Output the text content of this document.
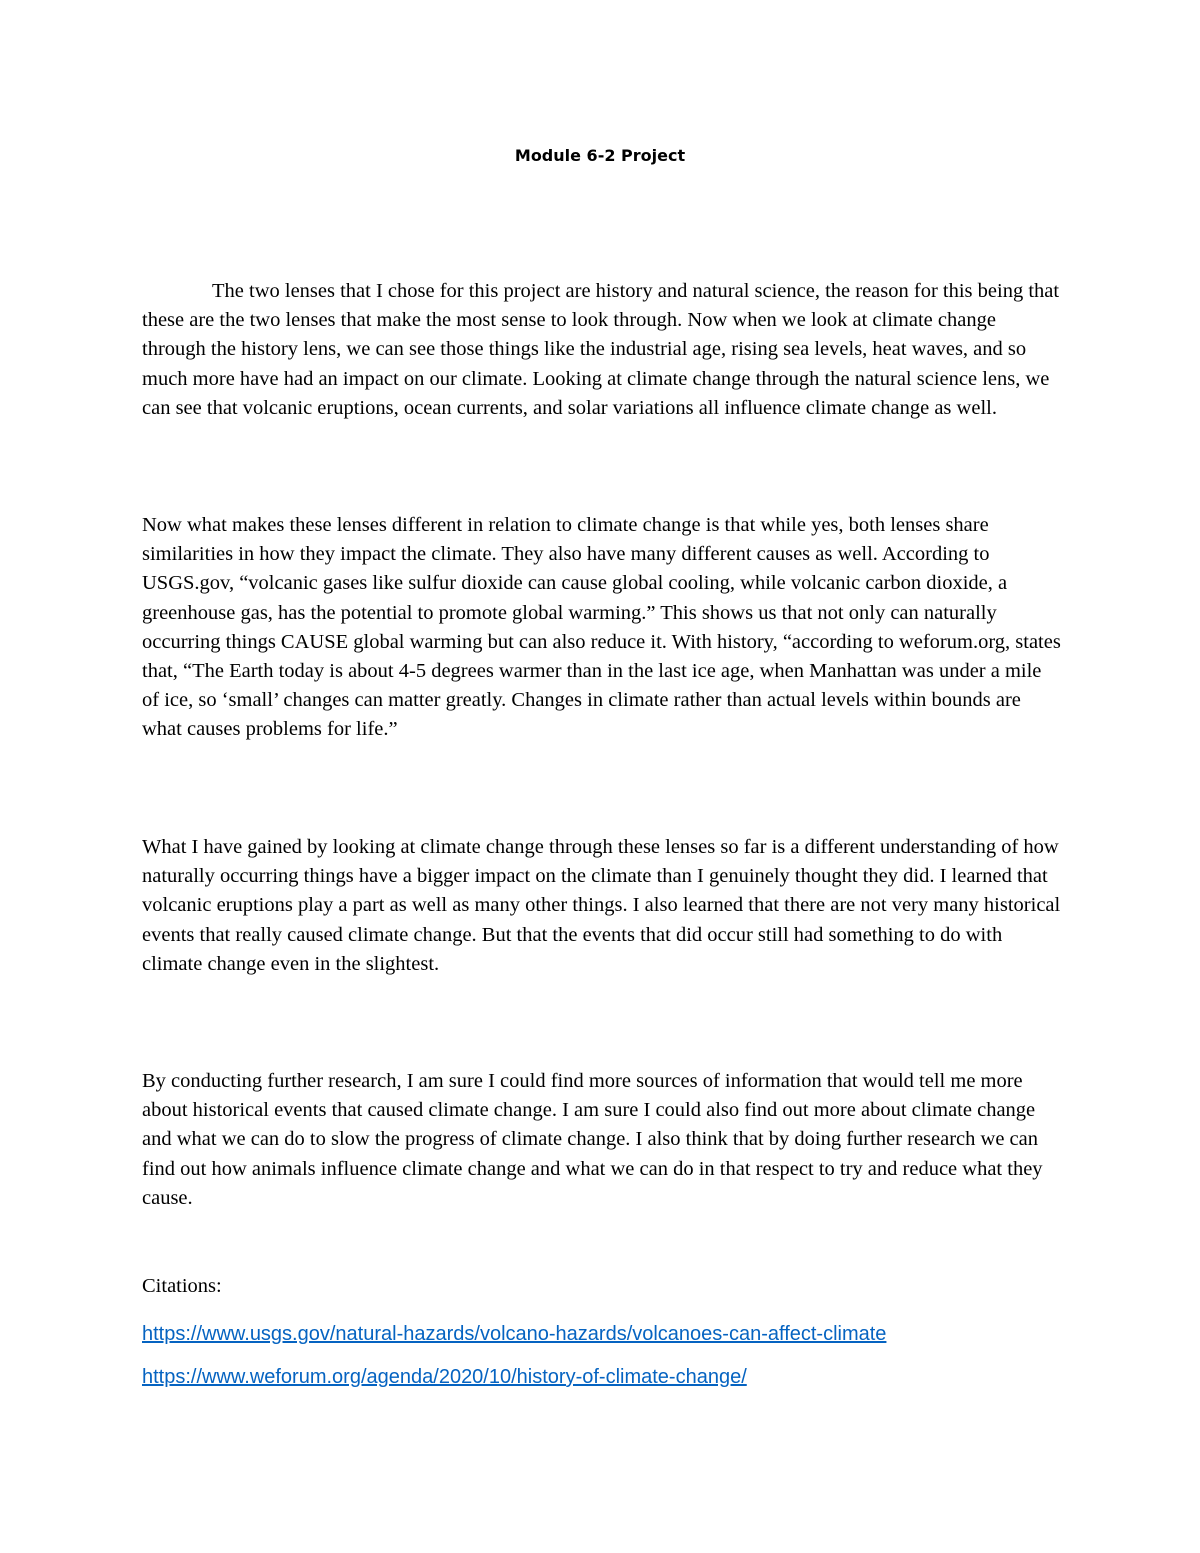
Module 6-2 Project

The two lenses that I chose for this project are history and natural science, the reason for this being that these are the two lenses that make the most sense to look through. Now when we look at climate change through the history lens, we can see those things like the industrial age, rising sea levels, heat waves, and so much more have had an impact on our climate. Looking at climate change through the natural science lens, we can see that volcanic eruptions, ocean currents, and solar variations all influence climate change as well.

Now what makes these lenses different in relation to climate change is that while yes, both lenses share similarities in how they impact the climate. They also have many different causes as well. According to USGS.gov, “volcanic gases like sulfur dioxide can cause global cooling, while volcanic carbon dioxide, a greenhouse gas, has the potential to promote global warming.” This shows us that not only can naturally occurring things CAUSE global warming but can also reduce it. With history, “according to weforum.org, states that, “The Earth today is about 4-5 degrees warmer than in the last ice age, when Manhattan was under a mile of ice, so ‘small’ changes can matter greatly. Changes in climate rather than actual levels within bounds are what causes problems for life.”

What I have gained by looking at climate change through these lenses so far is a different understanding of how naturally occurring things have a bigger impact on the climate than I genuinely thought they did. I learned that volcanic eruptions play a part as well as many other things. I also learned that there are not very many historical events that really caused climate change. But that the events that did occur still had something to do with climate change even in the slightest.

By conducting further research, I am sure I could find more sources of information that would tell me more about historical events that caused climate change. I am sure I could also find out more about climate change and what we can do to slow the progress of climate change. I also think that by doing further research we can find out how animals influence climate change and what we can do in that respect to try and reduce what they cause.

Citations:

https://www.usgs.gov/natural-hazards/volcano-hazards/volcanoes-can-affect-climate
https://www.weforum.org/agenda/2020/10/history-of-climate-change/
